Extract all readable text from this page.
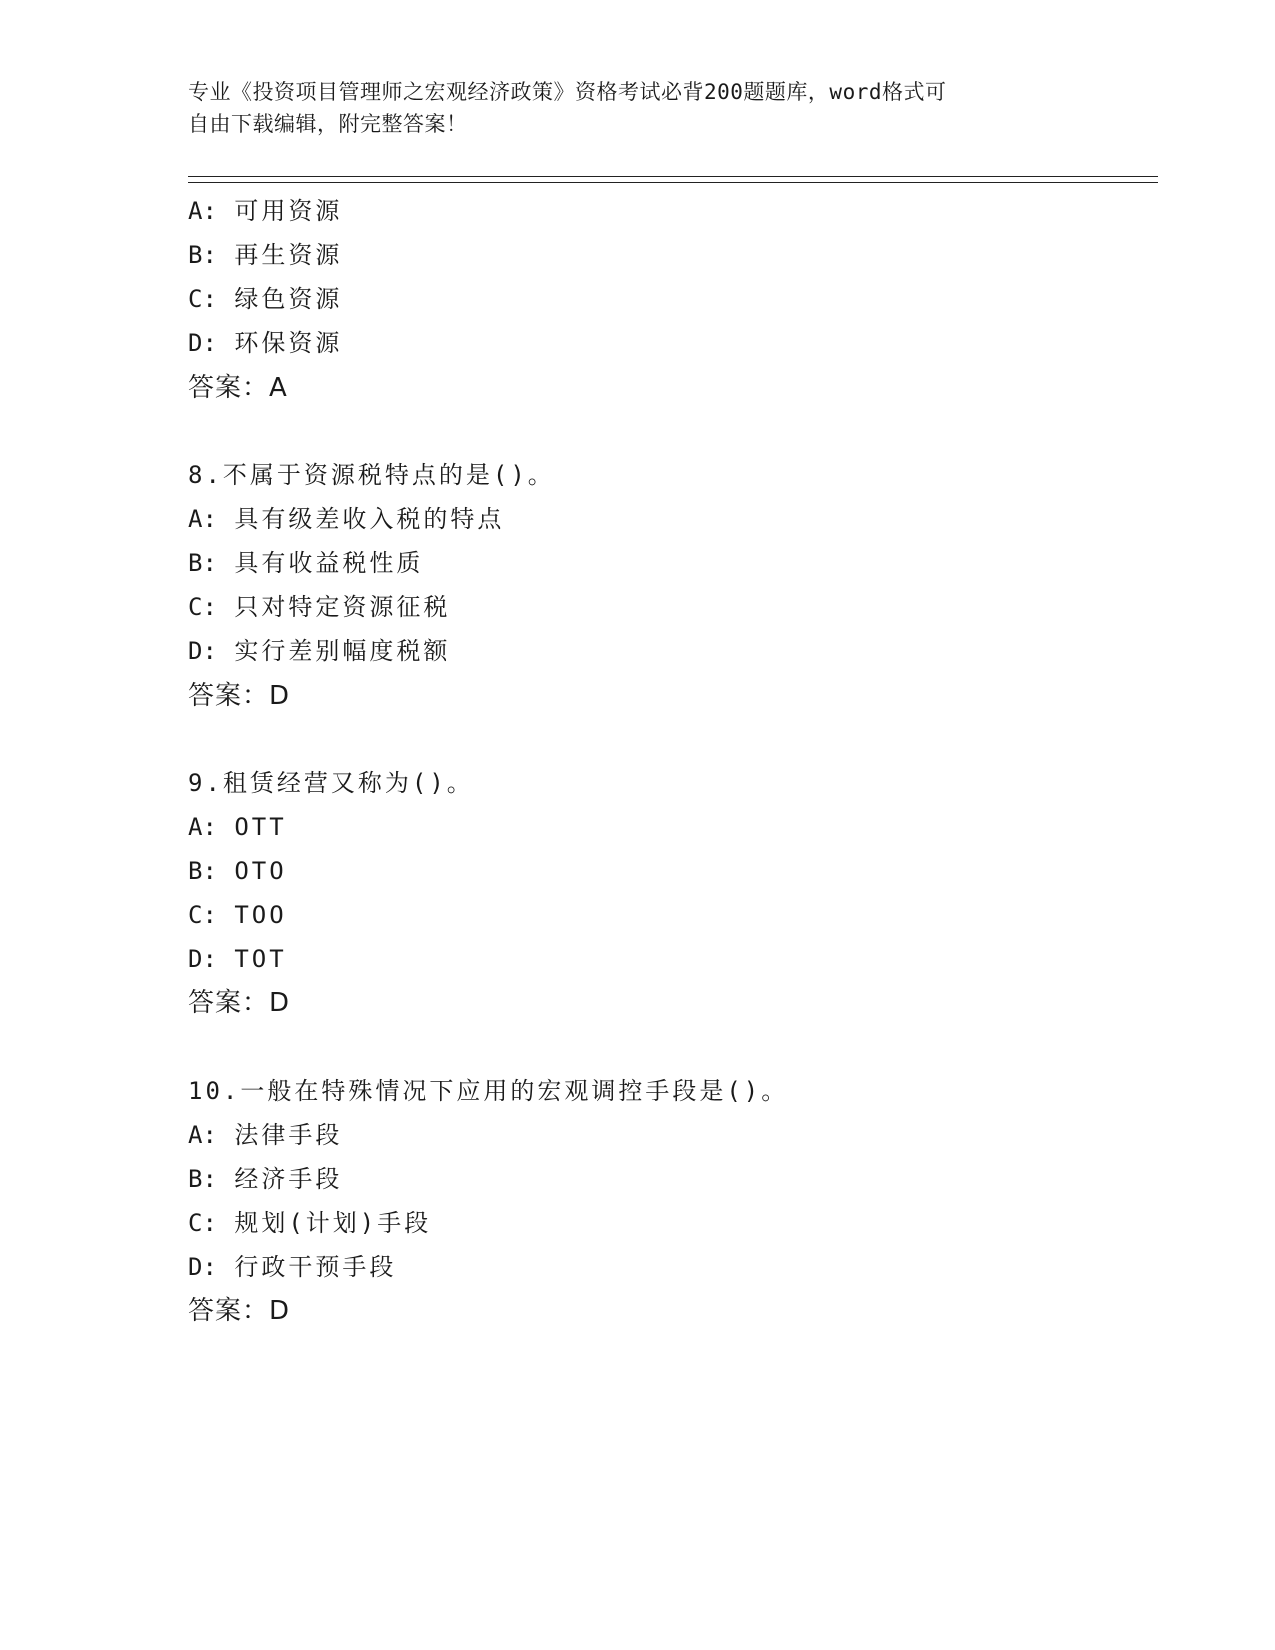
专业《投资项目管理师之宏观经济政策》资格考试必背200题题库，word格式可
自由下载编辑，附完整答案！
A: 可用资源
B: 再生资源
C: 绿色资源
D: 环保资源
答案：A
8.不属于资源税特点的是()。
A: 具有级差收入税的特点
B: 具有收益税性质
C: 只对特定资源征税
D: 实行差别幅度税额
答案：D
9.租赁经营又称为()。
A: OTT
B: OTO
C: TOO
D: TOT
答案：D
10.一般在特殊情况下应用的宏观调控手段是()。
A: 法律手段
B: 经济手段
C: 规划(计划)手段
D: 行政干预手段
答案：D
